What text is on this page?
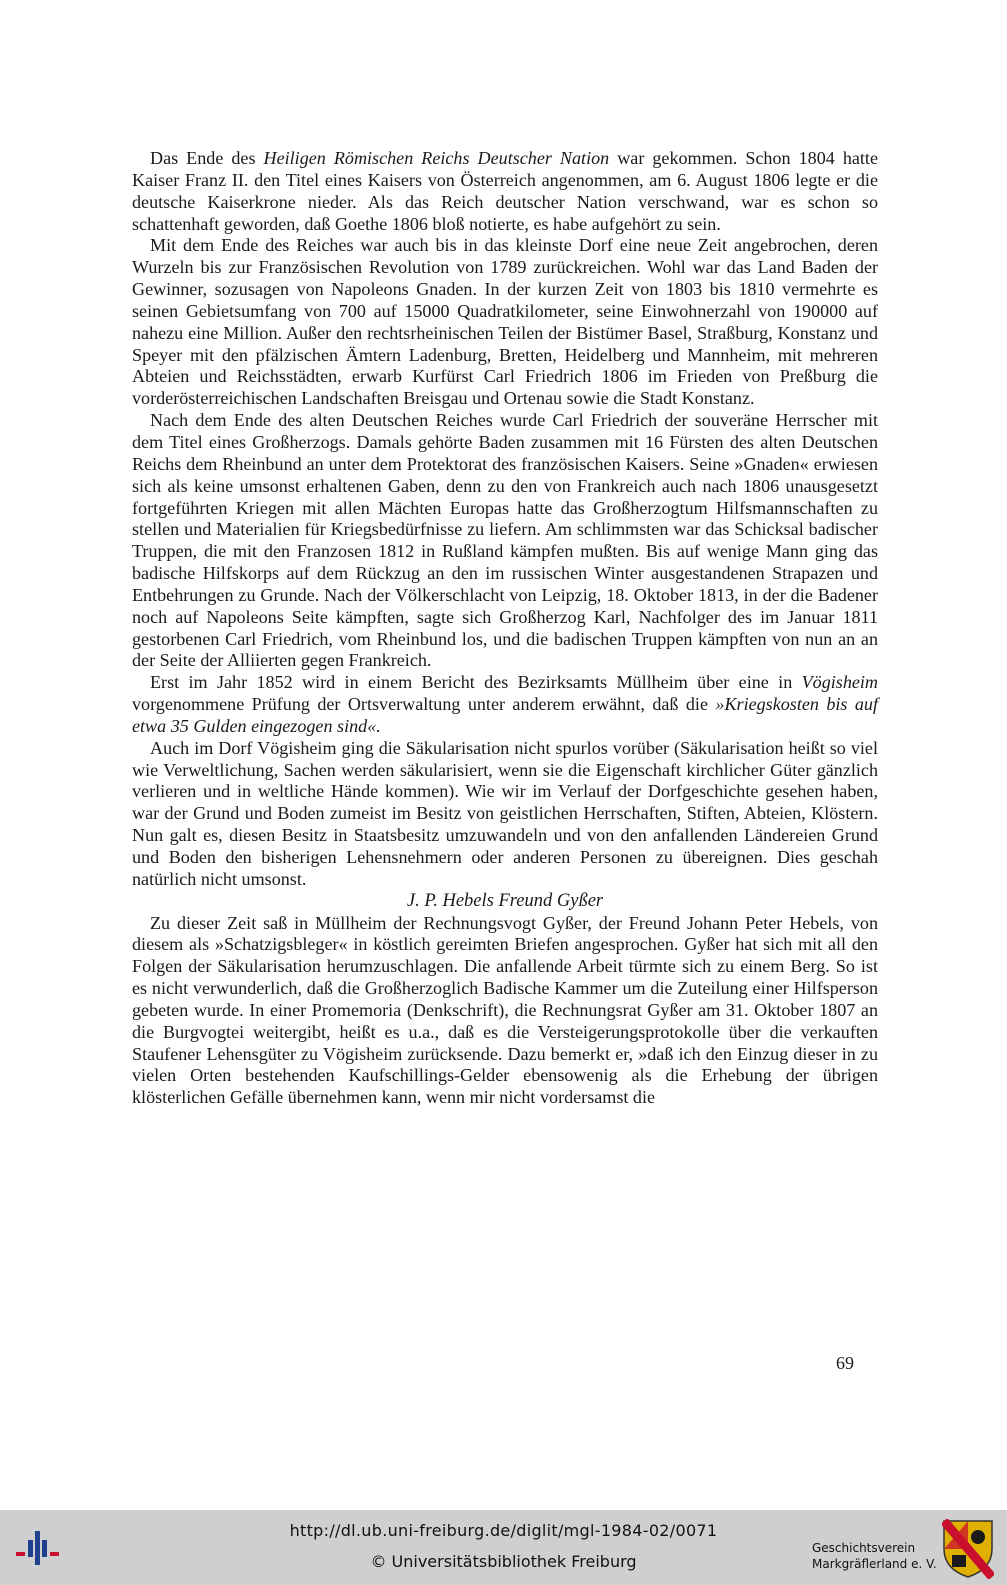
Das Ende des Heiligen Römischen Reichs Deutscher Nation war gekommen. Schon 1804 hatte Kaiser Franz II. den Titel eines Kaisers von Österreich angenommen, am 6. August 1806 legte er die deutsche Kaiserkrone nieder. Als das Reich deutscher Nation verschwand, war es schon so schattenhaft geworden, daß Goethe 1806 bloß notierte, es habe aufgehört zu sein.

Mit dem Ende des Reiches war auch bis in das kleinste Dorf eine neue Zeit angebrochen, deren Wurzeln bis zur Französischen Revolution von 1789 zurückreichen. Wohl war das Land Baden der Gewinner, sozusagen von Napoleons Gnaden. In der kurzen Zeit von 1803 bis 1810 vermehrte es seinen Gebietsumfang von 700 auf 15000 Quadratkilometer, seine Einwohnerzahl von 190000 auf nahezu eine Million. Außer den rechtsrheinischen Teilen der Bistümer Basel, Straßburg, Konstanz und Speyer mit den pfälzischen Ämtern Ladenburg, Bretten, Heidelberg und Mannheim, mit mehreren Abteien und Reichsstädten, erwarb Kurfürst Carl Friedrich 1806 im Frieden von Preßburg die vorderösterreichischen Landschaften Breisgau und Ortenau sowie die Stadt Konstanz.

Nach dem Ende des alten Deutschen Reiches wurde Carl Friedrich der souveräne Herrscher mit dem Titel eines Großherzogs. Damals gehörte Baden zusammen mit 16 Fürsten des alten Deutschen Reichs dem Rheinbund an unter dem Protektorat des französischen Kaisers. Seine »Gnaden« erwiesen sich als keine umsonst erhaltenen Gaben, denn zu den von Frankreich auch nach 1806 unausgesetzt fortgeführten Kriegen mit allen Mächten Europas hatte das Großherzogtum Hilfsmannschaften zu stellen und Materialien für Kriegsbedürfnisse zu liefern. Am schlimmsten war das Schicksal badischer Truppen, die mit den Franzosen 1812 in Rußland kämpfen mußten. Bis auf wenige Mann ging das badische Hilfskorps auf dem Rückzug an den im russischen Winter ausgestandenen Strapazen und Entbehrungen zu Grunde. Nach der Völkerschlacht von Leipzig, 18. Oktober 1813, in der die Badener noch auf Napoleons Seite kämpften, sagte sich Großherzog Karl, Nachfolger des im Januar 1811 gestorbenen Carl Friedrich, vom Rheinbund los, und die badischen Truppen kämpften von nun an an der Seite der Alliierten gegen Frankreich.

Erst im Jahr 1852 wird in einem Bericht des Bezirksamts Müllheim über eine in Vögisheim vorgenommene Prüfung der Ortsverwaltung unter anderem erwähnt, daß die »Kriegskosten bis auf etwa 35 Gulden eingezogen sind«.

Auch im Dorf Vögisheim ging die Säkularisation nicht spurlos vorüber (Säkularisation heißt so viel wie Verweltlichung, Sachen werden säkularisiert, wenn sie die Eigenschaft kirchlicher Güter gänzlich verlieren und in weltliche Hände kommen). Wie wir im Verlauf der Dorfgeschichte gesehen haben, war der Grund und Boden zumeist im Besitz von geistlichen Herrschaften, Stiften, Abteien, Klöstern. Nun galt es, diesen Besitz in Staatsbesitz umzuwandeln und von den anfallenden Ländereien Grund und Boden den bisherigen Lehensnehmern oder anderen Personen zu übereignen. Dies geschah natürlich nicht umsonst.

J. P. Hebels Freund Gyßer

Zu dieser Zeit saß in Müllheim der Rechnungsvogt Gyßer, der Freund Johann Peter Hebels, von diesem als »Schatzigsbleger« in köstlich gereimten Briefen angesprochen. Gyßer hat sich mit all den Folgen der Säkularisation herumzuschlagen. Die anfallende Arbeit türmte sich zu einem Berg. So ist es nicht verwunderlich, daß die Großherzoglich Badische Kammer um die Zuteilung einer Hilfsperson gebeten wurde. In einer Promemoria (Denkschrift), die Rechnungsrat Gyßer am 31. Oktober 1807 an die Burgvogtei weitergibt, heißt es u.a., daß es die Versteigerungsprotokolle über die verkauften Staufener Lehensgüter zu Vögisheim zurücksende. Dazu bemerkt er, »daß ich den Einzug dieser in zu vielen Orten bestehenden Kaufschillings-Gelder ebensowenig als die Erhebung der übrigen klösterlichen Gefälle übernehmen kann, wenn mir nicht vordersamst die

69
http://dl.ub.uni-freiburg.de/diglit/mgl-1984-02/0071
© Universitätsbibliothek Freiburg
Geschichtsverein
Markgräflerland e. V.
